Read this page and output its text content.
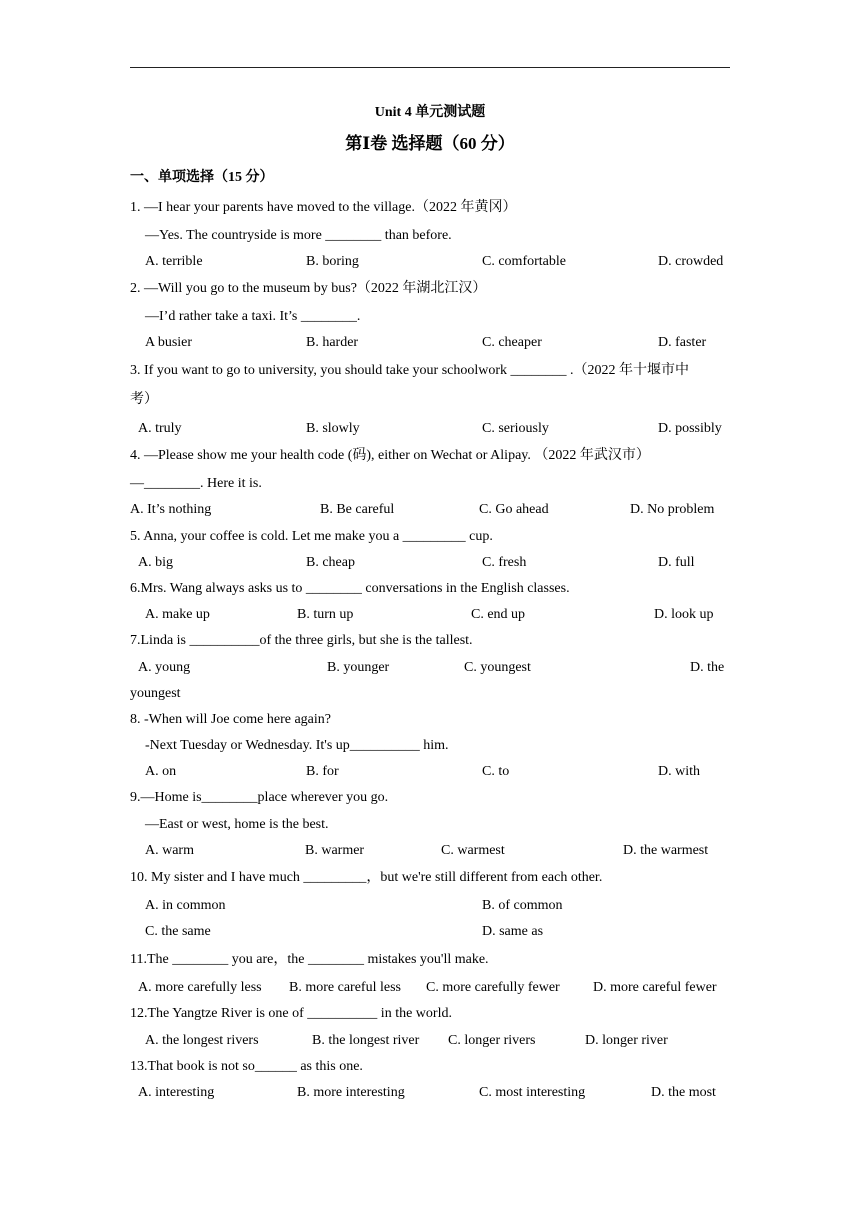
Unit 4 单元测试题
第Ⅰ卷 选择题（60 分）
一、单项选择（15 分）
1. —I hear your parents have moved to the village.（2022 年黄冈）
—Yes. The countryside is more ________ than before.
A. terrible	B. boring	C. comfortable	D. crowded
2. —Will you go to the museum by bus?（2022 年湖北江汉）
—I’d rather take a taxi. It’s ________.
A busier	B. harder	C. cheaper	D. faster
3. If you want to go to university, you should take your schoolwork ________ .（2022 年十堰市中
考）
A. truly	B. slowly	C. seriously	D. possibly
4. —Please show me your health code (码), either on Wechat or Alipay. （2022 年武汉市）
—________. Here it is.
A. It’s nothing	B. Be careful	C. Go ahead	D. No problem
5. Anna, your coffee is cold. Let me make you a _________ cup.
A. big	B. cheap	C. fresh	D. full
6.Mrs. Wang always asks us to ________ conversations in the English classes.
A. make up	B. turn up	C. end up	D. look up
7.Linda is __________of the three girls, but she is the tallest.
A. young	B. younger	C. youngest	D. the
youngest
8. -When will Joe come here again?
-Next Tuesday or Wednesday. It's up__________ him.
A. on	B. for	C. to	D. with
9.—Home is________place wherever you go.
—East or west, home is the best.
A. warm	B. warmer	C. warmest	D. the warmest
10. My sister and I have much _________，but we're still different from each other.
A. in common	B. of common
C. the same	D. same as
11.The ________ you are，the ________ mistakes you'll make.
A. more carefully less B. more careful less C. more carefully fewer D. more careful fewer
12.The Yangtze River is one of __________ in the world.
A. the longest rivers	B. the longest river C. longer rivers	D. longer river
13.That book is not so______ as this one.
A. interesting	B. more interesting	C. most interesting	D. the most
